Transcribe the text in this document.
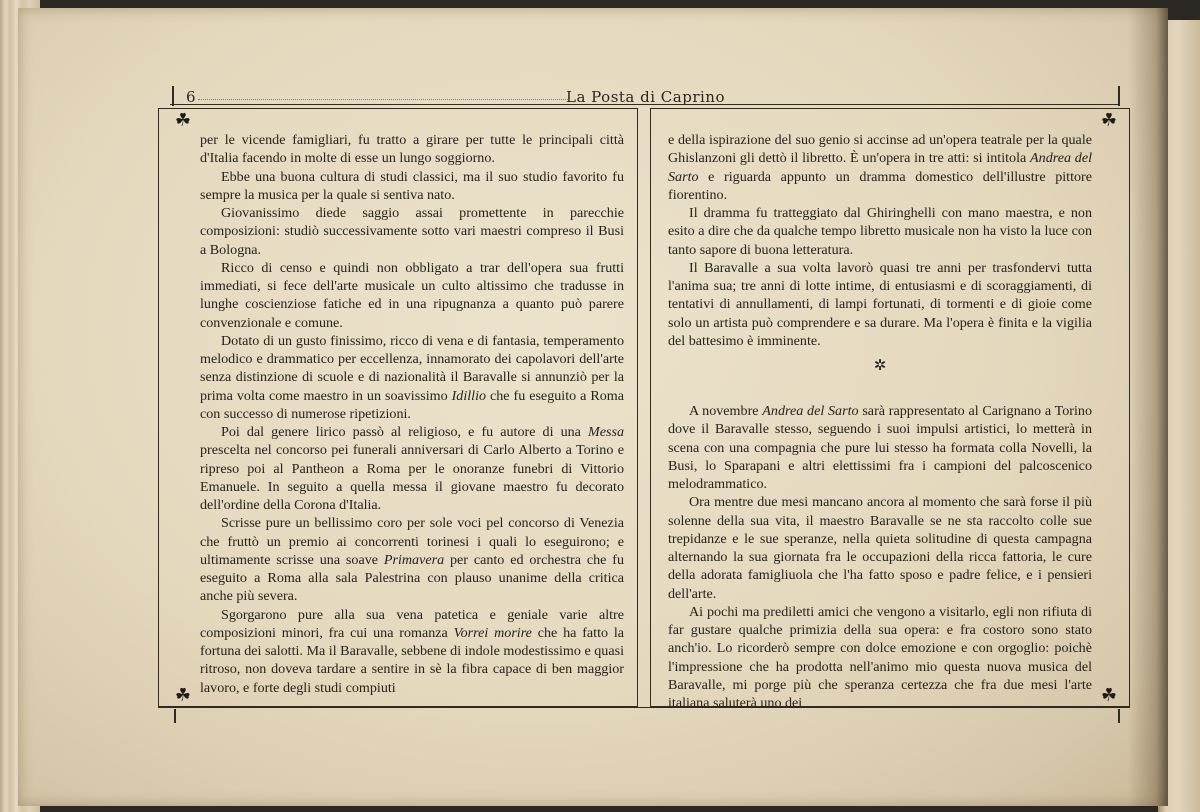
6	La Posta di Caprino
☘	☘
☘	☘

per le vicende famigliari, fu tratto a girare per tutte le principali città d'Italia facendo in molte di esse un lungo soggiorno.

Ebbe una buona cultura di studi classici, ma il suo studio favorito fu sempre la musica per la quale si sentiva nato.

Giovanissimo diede saggio assai promettente in parecchie composizioni: studiò successivamente sotto vari maestri compreso il Busi a Bologna.

Ricco di censo e quindi non obbligato a trar dell'opera sua frutti immediati, si fece dell'arte musicale un culto altissimo che tradusse in lunghe coscienziose fatiche ed in una ripugnanza a quanto può parere convenzionale e comune.

Dotato di un gusto finissimo, ricco di vena e di fantasia, temperamento melodico e drammatico per eccellenza, innamorato dei capolavori dell'arte senza distinzione di scuole e di nazionalità il Baravalle si annunziò per la prima volta come maestro in un soavissimo Idillio che fu eseguito a Roma con successo di numerose ripetizioni.

Poi dal genere lirico passò al religioso, e fu autore di una Messa prescelta nel concorso pei funerali anniversari di Carlo Alberto a Torino e ripreso poi al Pantheon a Roma per le onoranze funebri di Vittorio Emanuele. In seguito a quella messa il giovane maestro fu decorato dell'ordine della Corona d'Italia.

Scrisse pure un bellissimo coro per sole voci pel concorso di Venezia che fruttò un premio ai concorrenti torinesi i quali lo eseguirono; e ultimamente scrisse una soave Primavera per canto ed orchestra che fu eseguito a Roma alla sala Palestrina con plauso unanime della critica anche più severa.

Sgorgarono pure alla sua vena patetica e geniale varie altre composizioni minori, fra cui una romanza Vorrei morire che ha fatto la fortuna dei salotti. Ma il Baravalle, sebbene di indole modestissimo e quasi ritroso, non doveva tardare a sentire in sè la fibra capace di ben maggior lavoro, e forte degli studi compiuti

e della ispirazione del suo genio si accinse ad un'opera teatrale per la quale Ghislanzoni gli dettò il libretto. È un'opera in tre atti: si intitola Andrea del Sarto e riguarda appunto un dramma domestico dell'illustre pittore fiorentino.

Il dramma fu tratteggiato dal Ghiringhelli con mano maestra, e non esito a dire che da qualche tempo libretto musicale non ha visto la luce con tanto sapore di buona letteratura.

Il Baravalle a sua volta lavorò quasi tre anni per trasfondervi tutta l'anima sua; tre anni di lotte intime, di entusiasmi e di scoraggiamenti, di tentativi di annullamenti, di lampi fortunati, di tormenti e di gioie come solo un artista può comprendere e sa durare. Ma l'opera è finita e la vigilia del battesimo è imminente.

✲

A novembre Andrea del Sarto sarà rappresentato al Carignano a Torino dove il Baravalle stesso, seguendo i suoi impulsi artistici, lo metterà in scena con una compagnia che pure lui stesso ha formata colla Novelli, la Busi, lo Sparapani e altri elettissimi fra i campioni del palcoscenico melodrammatico.

Ora mentre due mesi mancano ancora al momento che sarà forse il più solenne della sua vita, il maestro Baravalle se ne sta raccolto colle sue trepidanze e le sue speranze, nella quieta solitudine di questa campagna alternando la sua giornata fra le occupazioni della ricca fattoria, le cure della adorata famigliuola che l'ha fatto sposo e padre felice, e i pensieri dell'arte.

Ai pochi ma prediletti amici che vengono a visitarlo, egli non rifiuta di far gustare qualche primizia della sua opera: e fra costoro sono stato anch'io. Lo ricorderò sempre con dolce emozione e con orgoglio: poichè l'impressione che ha prodotta nell'animo mio questa nuova musica del Baravalle, mi porge più che speranza certezza che fra due mesi l'arte italiana saluterà uno dei
